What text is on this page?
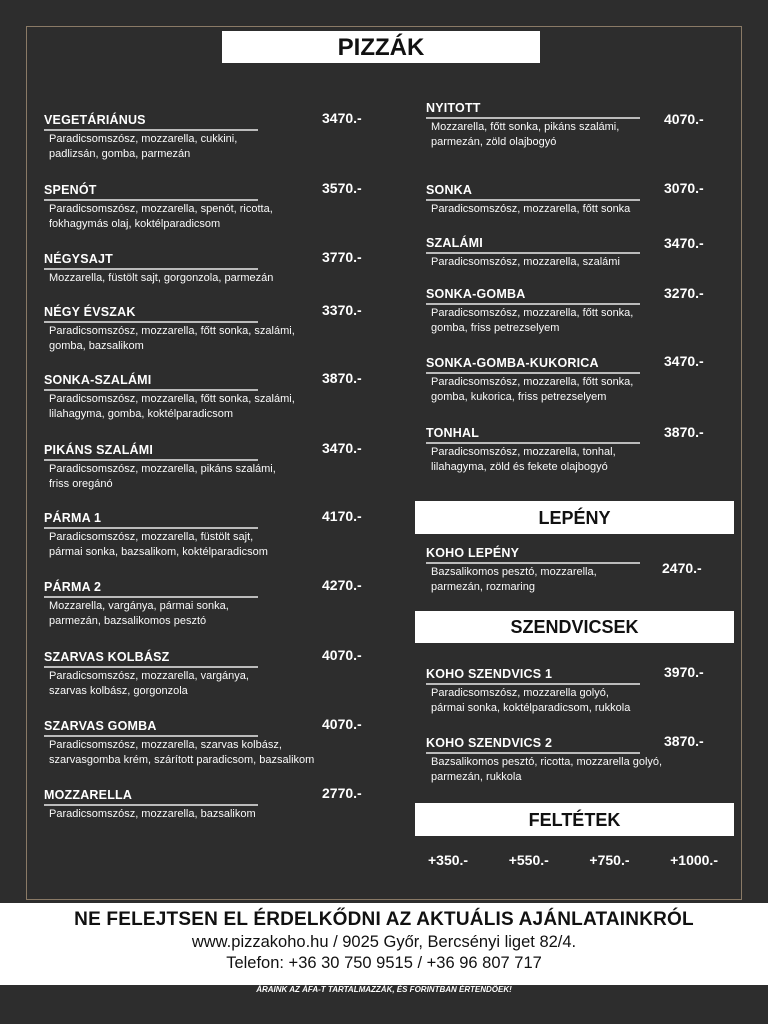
PIZZÁK
VEGETÁRIÁNUS
Paradicsomszósz, mozzarella, cukkini,
padlizsán, gomba, parmezán
3470.-
SPENÓT
Paradicsomszósz, mozzarella, spenót, ricotta,
fokhagymás olaj, koktélparadicsom
3570.-
NÉGYSAJT
Mozzarella, füstölt sajt, gorgonzola, parmezán
3770.-
NÉGY ÉVSZAK
Paradicsomszósz, mozzarella, főtt sonka, szalámi,
gomba, bazsalikom
3370.-
SONKA-SZALÁMI
Paradicsomszósz, mozzarella, főtt sonka, szalámi,
lilahagyma, gomba, koktélparadicsom
3870.-
PIKÁNS SZALÁMI
Paradicsomszósz, mozzarella, pikáns szalámi,
friss oregánó
3470.-
PÁRMA 1
Paradicsomszósz, mozzarella, füstölt sajt,
pármai sonka, bazsalikom, koktélparadicsom
4170.-
PÁRMA 2
Mozzarella, vargánya, pármai sonka,
parmezán, bazsalikomos pesztó
4270.-
SZARVAS KOLBÁSZ
Paradicsomszósz, mozzarella, vargánya,
szarvas kolbász, gorgonzola
4070.-
SZARVAS GOMBA
Paradicsomszósz, mozzarella, szarvas kolbász,
szarvasgomba krém, szárított paradicsom, bazsalikom
4070.-
MOZZARELLA
Paradicsomszósz, mozzarella, bazsalikom
2770.-
NYITOTT
Mozzarella, főtt sonka, pikáns szalámi,
parmezán, zöld olajbogyó
4070.-
SONKA
Paradicsomszósz, mozzarella, főtt sonka
3070.-
SZALÁMI
Paradicsomszósz, mozzarella, szalámi
3470.-
SONKA-GOMBA
Paradicsomszósz, mozzarella, főtt sonka,
gomba, friss petrezselyem
3270.-
SONKA-GOMBA-KUKORICA
Paradicsomszósz, mozzarella, főtt sonka,
gomba, kukorica, friss petrezselyem
3470.-
TONHAL
Paradicsomszósz, mozzarella, tonhal,
lilahagyma, zöld és fekete olajbogyó
3870.-
KOHO LEPÉNY
Bazsalikomos pesztó, mozzarella,
parmezán, rozmaring
2470.-
KOHO SZENDVICS 1
Paradicsomszósz, mozzarella golyó,
pármai sonka, koktélparadicsom, rukkola
3970.-
KOHO SZENDVICS 2
Bazsalikomos pesztó, ricotta, mozzarella golyó,
parmezán, rukkola
3870.-
LEPÉNY
SZENDVICSEK
FELTÉTEK
+350.-	+550.-	+750.-	+1000.-
NE FELEJTSEN EL ÉRDELKŐDNI AZ AKTUÁLIS AJÁNLATAINKRÓL
www.pizzakoho.hu / 9025 Győr, Bercsényi liget 82/4.
Telefon: +36 30 750 9515 / +36 96 807 717
ÁRAINK AZ ÁFA-T TARTALMAZZÁK, ÉS FORINTBAN ÉRTENDŐEK!
